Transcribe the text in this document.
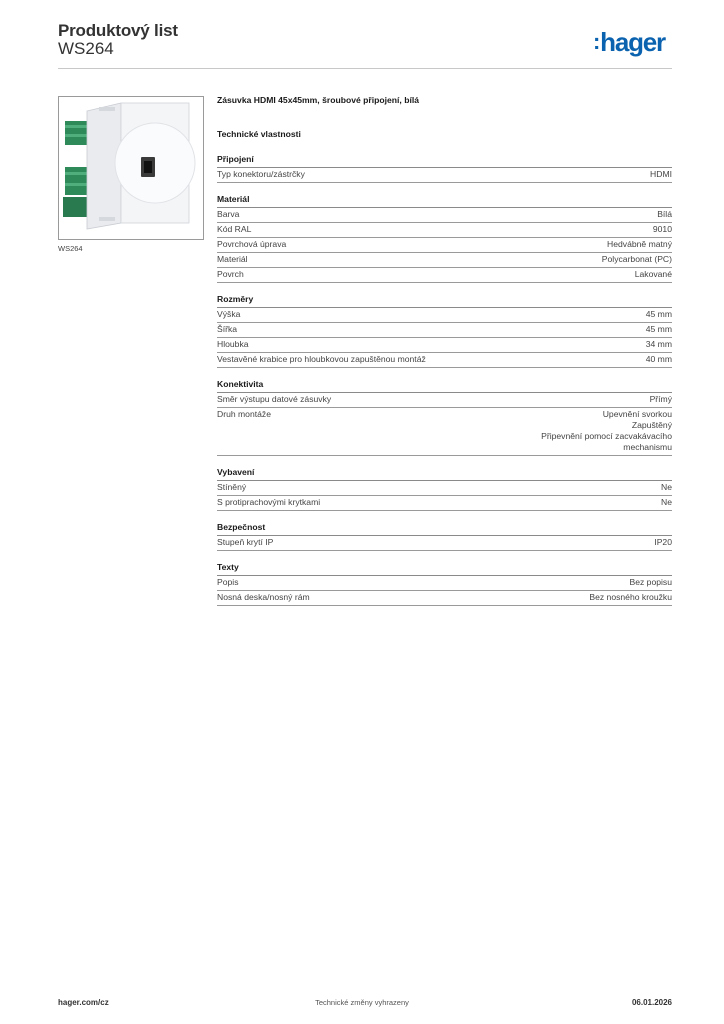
Produktový list
WS264	:hager
WS264
Zásuvka HDMI 45x45mm, šroubové připojení, bílá
Technické vlastnosti
Připojení
Typ konektoru/zástrčky	HDMI
Materiál
Barva	Bílá
Kód RAL	9010
Povrchová úprava	Hedvábně matný
Materiál	Polycarbonat (PC)
Povrch	Lakované
Rozměry
Výška	45 mm
Šířka	45 mm
Hloubka	34 mm
Vestavěné krabice pro hloubkovou zapuštěnou montáž	40 mm
Konektivita
Směr výstupu datové zásuvky	Přímý
Druh montáže	Upevnění svorkou
Zapuštěný
Připevnění pomocí zacvakávacího
mechanismu
Vybavení
Stíněný	Ne
S protiprachovými krytkami	Ne
Bezpečnost
Stupeň krytí IP	IP20
Texty
Popis	Bez popisu
Nosná deska/nosný rám	Bez nosného kroužku
hager.com/cz	Technické změny vyhrazeny	06.01.2026
